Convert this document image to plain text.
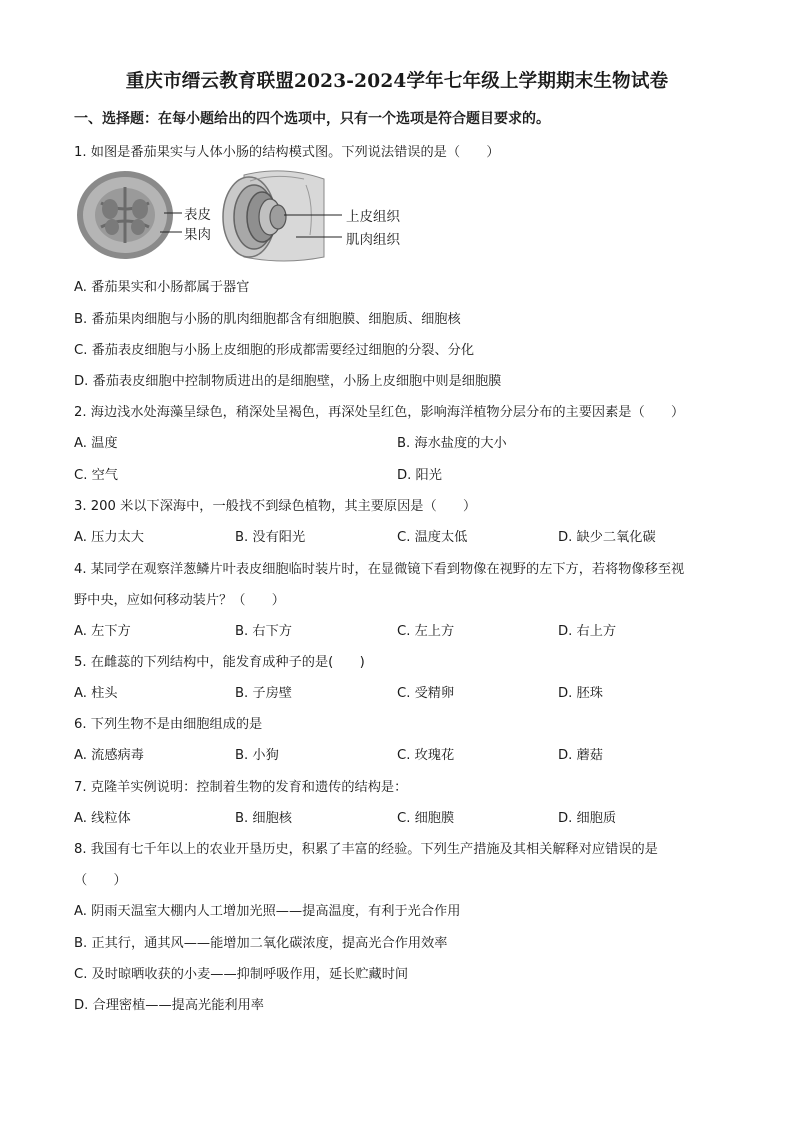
重庆市缙云教育联盟2023-2024学年七年级上学期期末生物试卷
一、选择题：在每小题给出的四个选项中，只有一个选项是符合题目要求的。
1. 如图是番茄果实与人体小肠的结构模式图。下列说法错误的是（　　）
表皮
果肉
上皮组织
肌肉组织
A. 番茄果实和小肠都属于器官
B. 番茄果肉细胞与小肠的肌肉细胞都含有细胞膜、细胞质、细胞核
C. 番茄表皮细胞与小肠上皮细胞的形成都需要经过细胞的分裂、分化
D. 番茄表皮细胞中控制物质进出的是细胞壁，小肠上皮细胞中则是细胞膜
2. 海边浅水处海藻呈绿色，稍深处呈褐色，再深处呈红色，影响海洋植物分层分布的主要因素是（　　）
A. 温度	B. 海水盐度的大小
C. 空气	D. 阳光
3. 200 米以下深海中，一般找不到绿色植物，其主要原因是（　　）
A. 压力太大	B. 没有阳光	C. 温度太低	D. 缺少二氧化碳
4. 某同学在观察洋葱鳞片叶表皮细胞临时装片时，在显微镜下看到物像在视野的左下方，若将物像移至视
野中央，应如何移动装片？（　　）
A. 左下方	B. 右下方	C. 左上方	D. 右上方
5. 在雌蕊的下列结构中，能发育成种子的是(　　)
A. 柱头	B. 子房壁	C. 受精卵	D. 胚珠
6. 下列生物不是由细胞组成的是
A. 流感病毒	B. 小狗	C. 玫瑰花	D. 蘑菇
7. 克隆羊实例说明：控制着生物的发育和遗传的结构是：
A. 线粒体	B. 细胞核	C. 细胞膜	D. 细胞质
8. 我国有七千年以上的农业开垦历史，积累了丰富的经验。下列生产措施及其相关解释对应错误的是
（　　）
A. 阴雨天温室大棚内人工增加光照——提高温度，有利于光合作用
B. 正其行，通其风——能增加二氧化碳浓度，提高光合作用效率
C. 及时晾晒收获的小麦——抑制呼吸作用，延长贮藏时间
D. 合理密植——提高光能利用率
